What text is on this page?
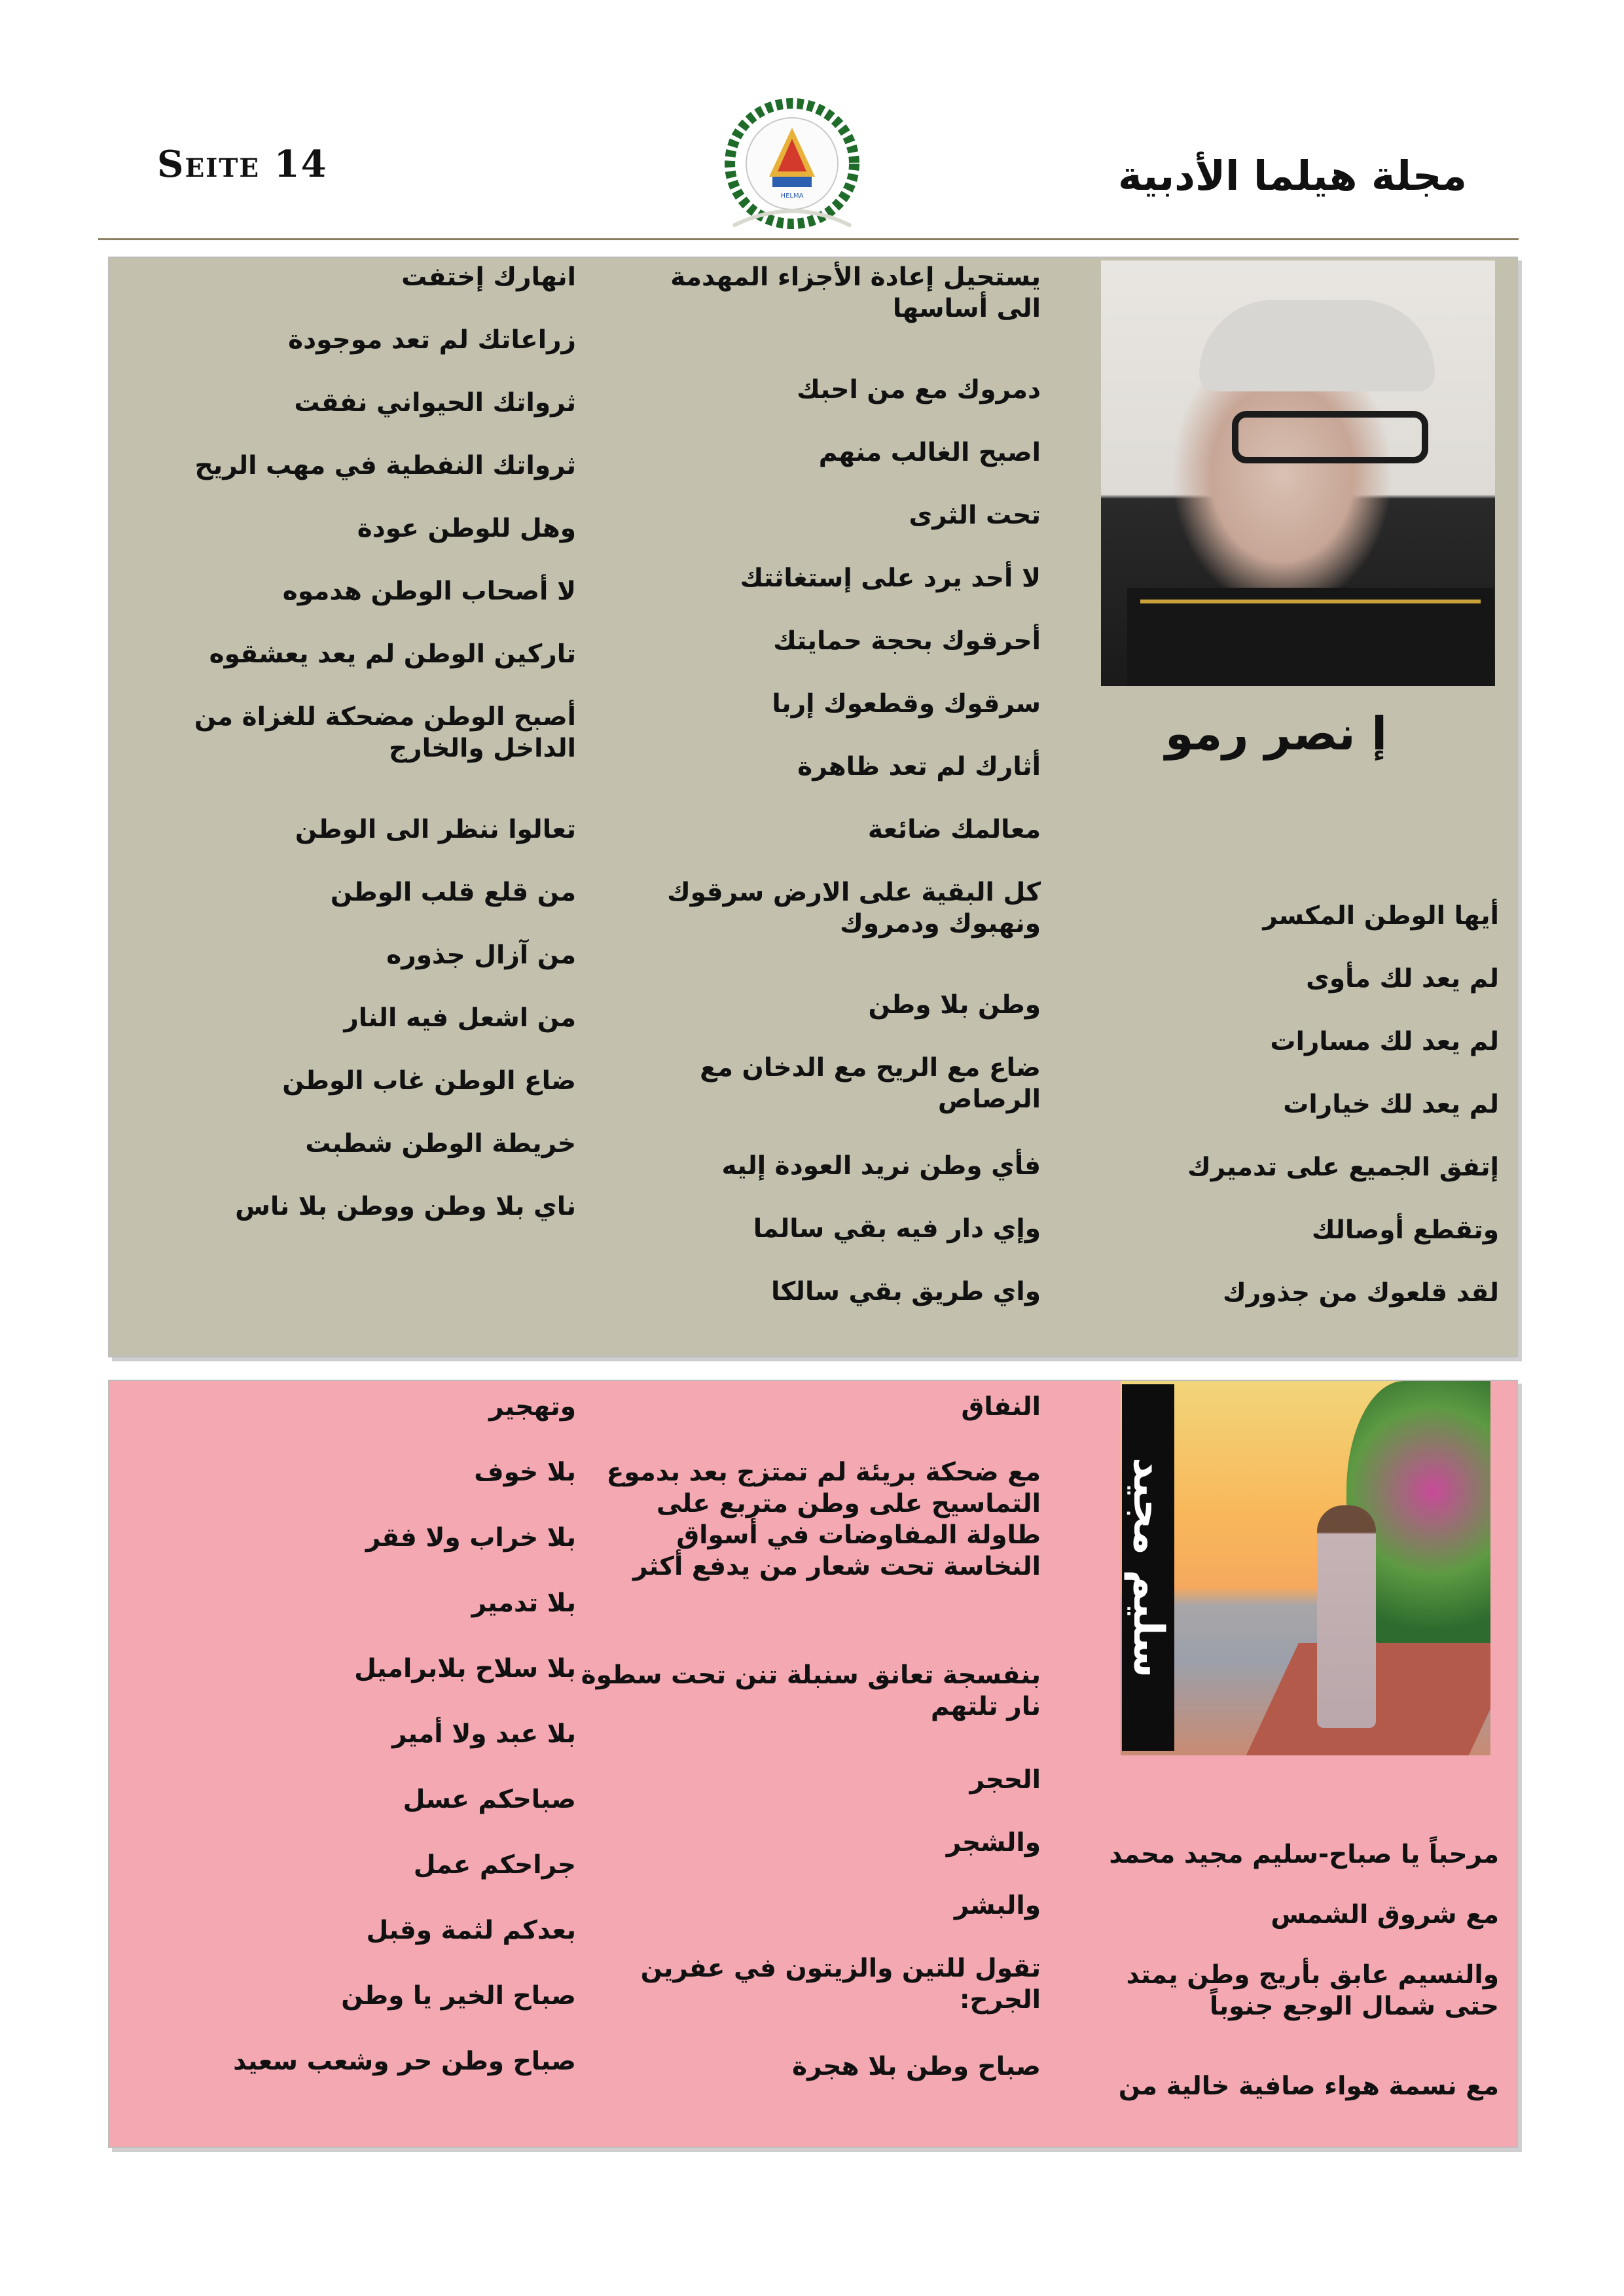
Seite 14
HELMA	مجلة هيلما الأدبية
إ نصر رمو
أيها الوطن المكسر
لم يعد لك مأوى
لم يعد لك مسارات
لم يعد لك خيارات
إتفق الجميع على تدميرك
وتقطع أوصالك
لقد قلعوك من جذورك
يستحيل إعادة الأجزاء المهدمة الى أساسها
دمروك مع من احبك
اصبح الغالب منهم
تحت الثرى
لا أحد يرد على إستغاثتك
أحرقوك بحجة حمايتك
سرقوك وقطعوك إربا
أثارك لم تعد ظاهرة
معالمك ضائعة
كل البقية على الارض سرقوك ونهبوك ودمروك
وطن بلا وطن
ضاع مع الريح مع الدخان مع الرصاص
فأي وطن نريد العودة إليه
وإي دار فيه بقي سالما
واي طريق بقي سالكا
انهارك إختفت
زراعاتك لم تعد موجودة
ثرواتك الحيواني نفقت
ثرواتك النفطية في مهب الريح
وهل للوطن عودة
لا أصحاب الوطن هدموه
تاركين الوطن لم يعد يعشقوه
أصبح الوطن مضحكة للغزاة من الداخل والخارج
تعالوا ننظر الى الوطن
من قلع قلب الوطن
من آزال جذوره
من اشعل فيه النار
ضاع الوطن غاب الوطن
خريطة الوطن شطبت
ناي بلا وطن ووطن بلا ناس
سليم مجيد
مرحباً يا صباح-سليم مجيد محمد
مع شروق الشمس
والنسيم عابق بأريج وطن يمتد حتى شمال الوجع جنوباً
مع نسمة هواء صافية خالية من
النفاق
مع ضحكة بريئة لم تمتزج بعد بدموع التماسيح على وطن متربع على طاولة المفاوضات في أسواق النخاسة تحت شعار من يدفع أكثر
بنفسجة تعانق سنبلة تنن تحت سطوة نار تلتهم
الحجر
والشجر
والبشر
تقول للتين والزيتون في عفرين الجرح:
صباح وطن بلا هجرة
وتهجير
بلا خوف
بلا خراب ولا فقر
بلا تدمير
بلا سلاح بلابراميل
بلا عبد ولا أمير
صباحكم عسل
جراحكم عمل
بعدكم لثمة وقبل
صباح الخير يا وطن
صباح وطن حر وشعب سعيد
